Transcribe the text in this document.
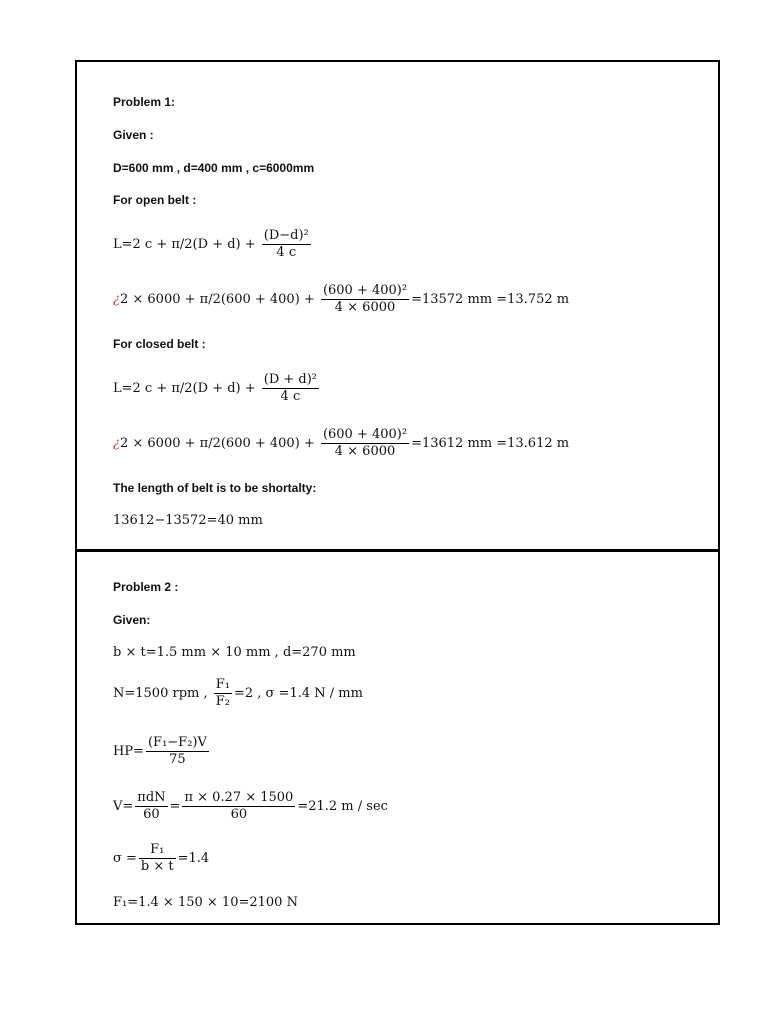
Problem 1:
Given :
D=600 mm , d=400 mm , c=6000mm
For open belt :
L=2 $c + \pi/2(D + d) + \frac{\text{(D−d)²}}{4 c}$
¿$2 \times 6000 + \pi/2(600 + 400) + \frac{\text{(600 + 400)²}}{4 \times 6000} =13572$ mm =13.752 m
For closed belt :
L=2 $c + \pi/2(D + d) + \frac{\text{(D + d)²}}{4 c}$
¿$2 \times 6000 + \pi/2(600 + 400) + \frac{\text{(600 + 400)²}}{4 \times 6000} =13612$ mm =13.612 m
The length of belt is to be shortalty:
13612−13572=40 mm
Problem 2 :
Given:
b × t=1.5 mm × 10 mm , d=270 mm
N=1500 rpm , $\frac{\text{F₁}}{\text{F₂}} =2$ , σ =1.4 N / mm
$HP= \frac{\text{(F₁−F₂)V}}{75}$
$V= \frac{\text{πdN}}{60} = \frac{\pi \times 0.27 \times 1500}{60} =21.2$ m / sec
$\sigma = \frac{\text{F₁}}{b \times t} =1.4$
F₁=1.4 × 150 × 10=2100 N
